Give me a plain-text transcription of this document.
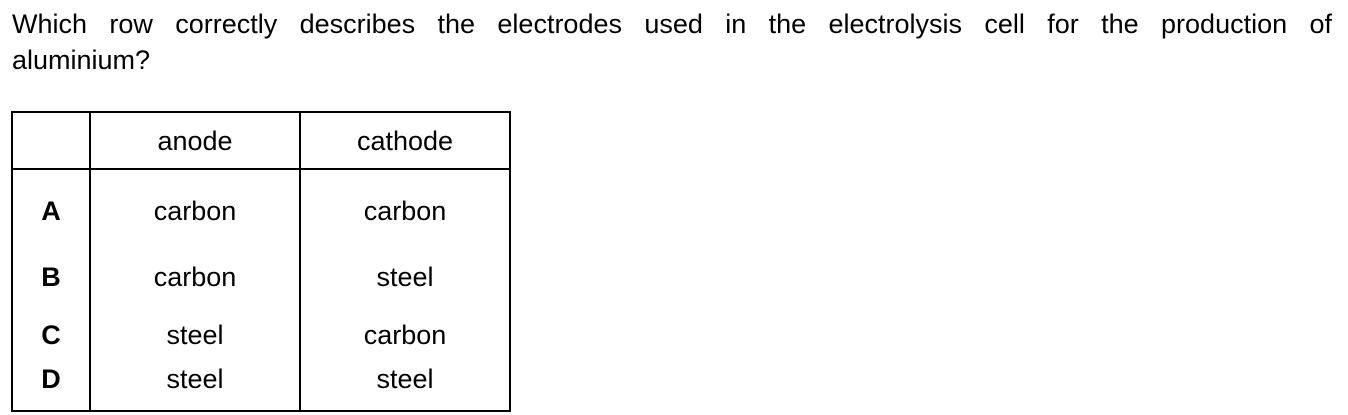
Which row correctly describes the electrodes used in the electrolysis cell for the production of
aluminium?

	anode	cathode
A	carbon	carbon
B	carbon	steel
C	steel	carbon
D	steel	steel
